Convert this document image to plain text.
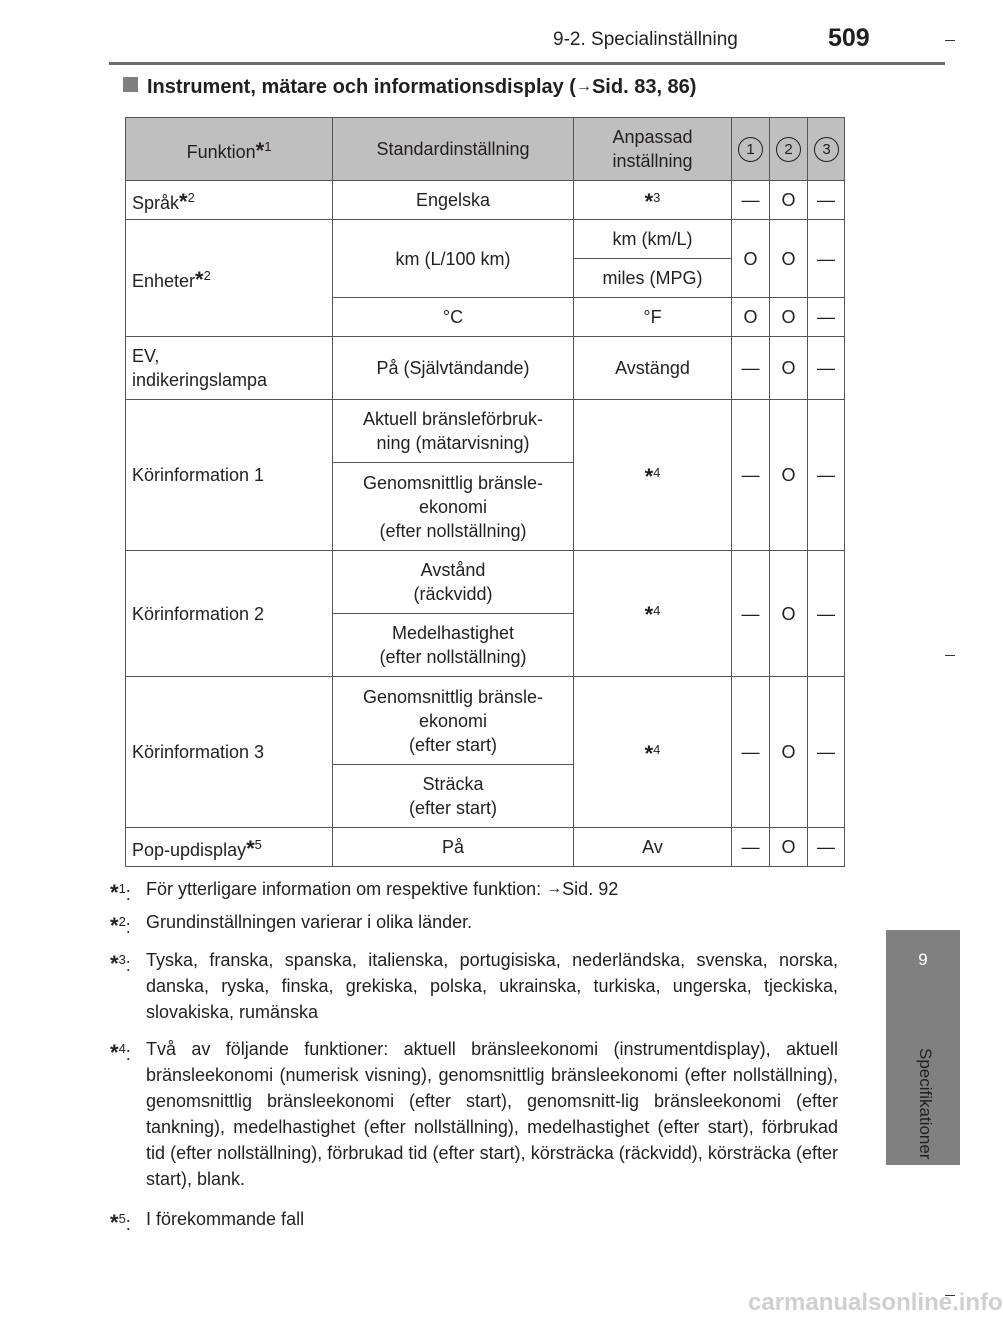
9-2. Specialinställning	509
9
Specifikationer
Instrument, mätare och informationsdisplay (→Sid. 83, 86)
Funktion*$^1$	Standardinställning	Anpassad inställning	1	2	3
Språk*$^2$	Engelska	*$^3$	—	O	—
Enheter*$^2$	km (L/100 km)	km (km/L)	O	O	—
		miles (MPG)			
	°C	°F	O	O	—
EV,
indikeringslampa	På (Självtändande)	Avstängd	—	O	—
Körinformation 1	Aktuell bränsleförbruk-
ning (mätarvisning)	*$^4$	—	O	—
	Genomsnittlig bränsle-
ekonomi
(efter nollställning)				
Körinformation 2	Avstånd
(räckvidd)	*$^4$	—	O	—
	Medelhastighet
(efter nollställning)				
Körinformation 3	Genomsnittlig bränsle-
ekonomi
(efter start)	*$^4$	—	O	—
	Sträcka
(efter start)				
Pop-updisplay*$^5$	På	Av	—	O	—
*$^1$: För ytterligare information om respektive funktion: →Sid. 92
*$^2$: Grundinställningen varierar i olika länder.
*$^3$: Tyska, franska, spanska, italienska, portugisiska, nederländska, svenska, norska, danska, ryska, finska, grekiska, polska, ukrainska, turkiska, ungerska, tjeckiska, slovakiska, rumänska
*$^4$: Två av följande funktioner: aktuell bränsleekonomi (instrumentdisplay), aktuell bränsleekonomi (numerisk visning), genomsnittlig bränsleekonomi (efter nollställning), genomsnittlig bränsleekonomi (efter start), genomsnitt-lig bränsleekonomi (efter tankning), medelhastighet (efter nollställning), medelhastighet (efter start), förbrukad tid (efter nollställning), förbrukad tid (efter start), körsträcka (räckvidd), körsträcka (efter start), blank.
*$^5$: I förekommande fall
carmanualsonline.info
